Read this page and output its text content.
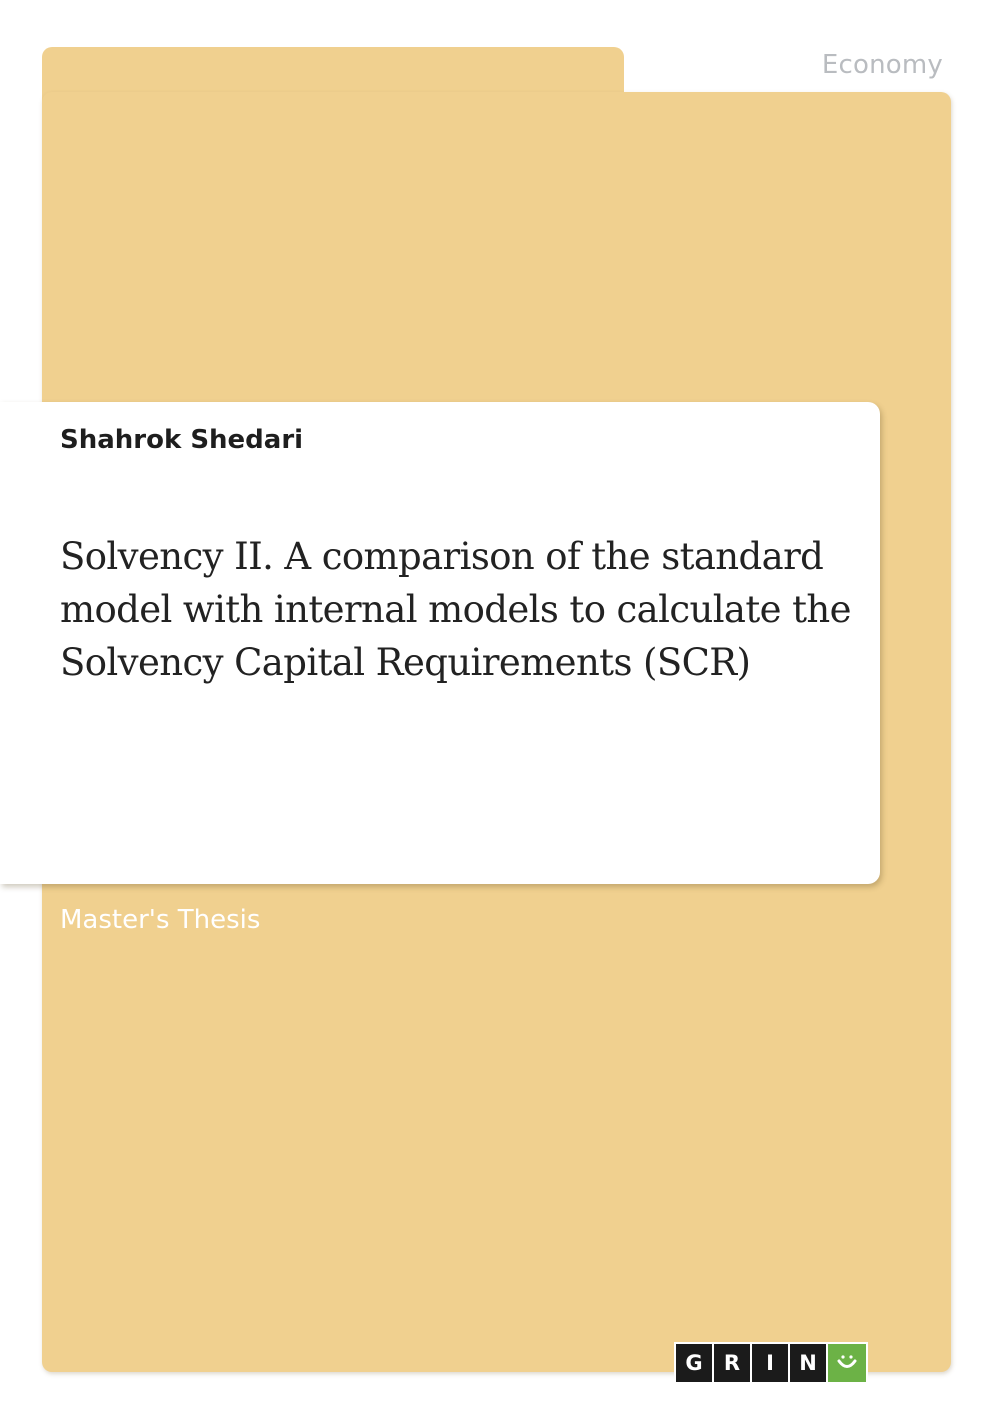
Economy
Shahrok Shedari
Solvency II. A comparison of the standard model with internal models to calculate the Solvency Capital Requirements (SCR)
Master's Thesis
G	R	I	N
